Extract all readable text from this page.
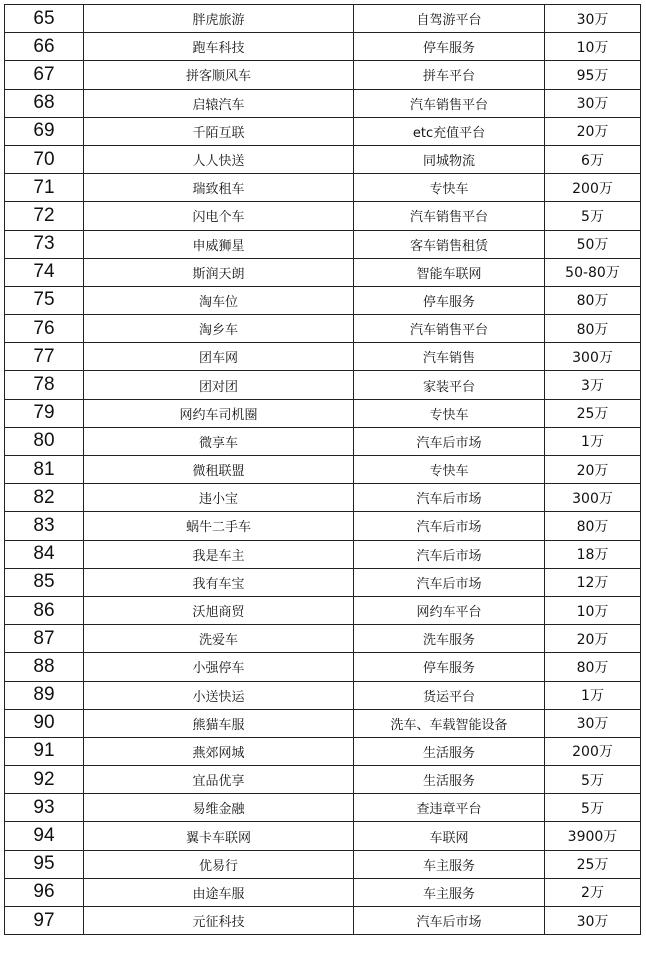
65	胖虎旅游	自驾游平台	30万
66	跑车科技	停车服务	10万
67	拼客顺风车	拼车平台	95万
68	启辕汽车	汽车销售平台	30万
69	千陌互联	etc充值平台	20万
70	人人快送	同城物流	6万
71	瑞致租车	专快车	200万
72	闪电个车	汽车销售平台	5万
73	申威狮星	客车销售租赁	50万
74	斯润天朗	智能车联网	50-80万
75	淘车位	停车服务	80万
76	淘乡车	汽车销售平台	80万
77	团车网	汽车销售	300万
78	团对团	家装平台	3万
79	网约车司机圈	专快车	25万
80	微享车	汽车后市场	1万
81	微租联盟	专快车	20万
82	违小宝	汽车后市场	300万
83	蜗牛二手车	汽车后市场	80万
84	我是车主	汽车后市场	18万
85	我有车宝	汽车后市场	12万
86	沃旭商贸	网约车平台	10万
87	洗爱车	洗车服务	20万
88	小强停车	停车服务	80万
89	小送快运	货运平台	1万
90	熊猫车服	洗车、车载智能设备	30万
91	燕郊网城	生活服务	200万
92	宜品优享	生活服务	5万
93	易维金融	查违章平台	5万
94	翼卡车联网	车联网	3900万
95	优易行	车主服务	25万
96	由途车服	车主服务	2万
97	元征科技	汽车后市场	30万
